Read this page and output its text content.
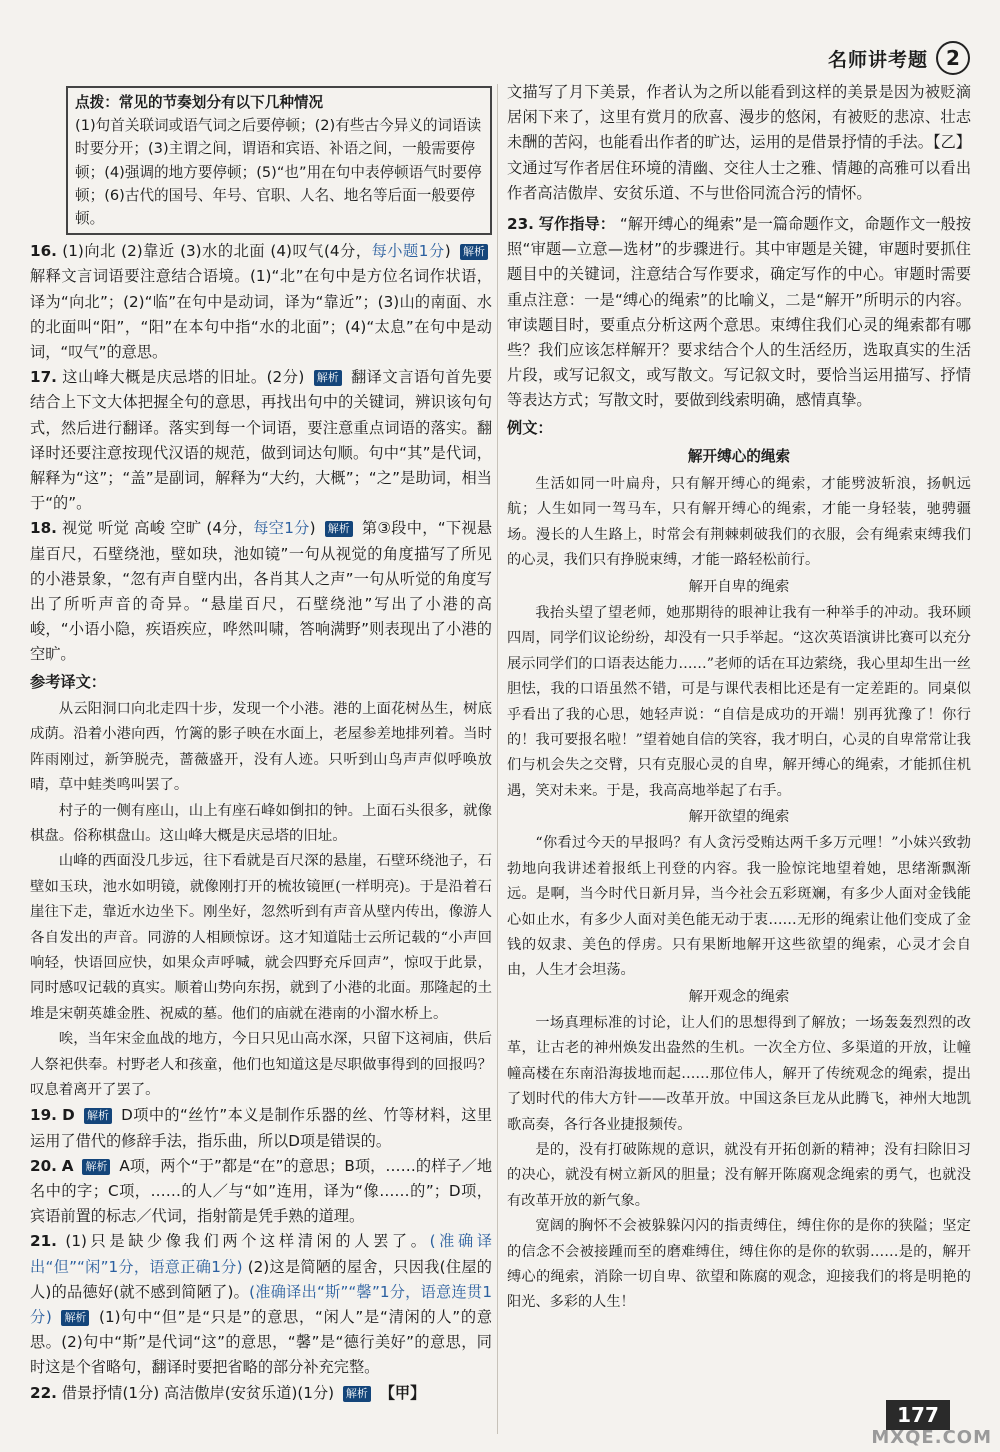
名师讲考题 2
点拨：常见的节奏划分有以下几种情况
(1)句首关联词或语气词之后要停顿；(2)有些古今异义的词语读时要分开；(3)主谓之间，谓语和宾语、补语之间，一般需要停顿；(4)强调的地方要停顿；(5)“也”用在句中表停顿语气时要停顿；(6)古代的国号、年号、官职、人名、地名等后面一般要停顿。

16. (1)向北 (2)靠近 (3)水的北面 (4)叹气(4分，每小题1分) 解析 解释文言词语要注意结合语境。(1)“北”在句中是方位名词作状语，译为“向北”；(2)“临”在句中是动词，译为“靠近”；(3)山的南面、水的北面叫“阳”，“阳”在本句中指“水的北面”；(4)“太息”在句中是动词，“叹气”的意思。

17. 这山峰大概是庆忌塔的旧址。(2分) 解析 翻译文言语句首先要结合上下文大体把握全句的意思，再找出句中的关键词，辨识该句句式，然后进行翻译。落实到每一个词语，要注意重点词语的落实。翻译时还要注意按现代汉语的规范，做到词达句顺。句中“其”是代词，解释为“这”；“盖”是副词，解释为“大约，大概”；“之”是助词，相当于“的”。

18. 视觉 听觉 高峻 空旷 (4分，每空1分) 解析 第③段中，“下视悬崖百尺，石壁绕池，壁如玦，池如镜”一句从视觉的角度描写了所见的小港景象，“忽有声自壁内出，各肖其人之声”一句从听觉的角度写出了所听声音的奇异。“悬崖百尺，石壁绕池”写出了小港的高峻，“小语小隐，疾语疾应，哗然叫啸，答响满野”则表现出了小港的空旷。

参考译文：

从云阳洞口向北走四十步，发现一个小港。港的上面花树丛生，树底成荫。沿着小港向西，竹篱的影子映在水面上，老屋参差地排列着。当时阵雨刚过，新笋脱壳，蔷薇盛开，没有人迹。只听到山鸟声声似呼唤放晴，草中蛙类鸣叫罢了。

村子的一侧有座山，山上有座石峰如倒扣的钟。上面石头很多，就像棋盘。俗称棋盘山。这山峰大概是庆忌塔的旧址。

山峰的西面没几步远，往下看就是百尺深的悬崖，石壁环绕池子，石壁如玉玦，池水如明镜，就像刚打开的梳妆镜匣(一样明亮)。于是沿着石崖往下走，靠近水边坐下。刚坐好，忽然听到有声音从壁内传出，像游人各自发出的声音。同游的人相顾惊讶。这才知道陆士云所记载的“小声回响轻，快语回应快，如果众声呼喊，就会四野充斥回声”，惊叹于此景，同时感叹记载的真实。顺着山势向东拐，就到了小港的北面。那隆起的土堆是宋朝英雄金胜、祝威的墓。他们的庙就在港南的小溜水桥上。

唉，当年宋金血战的地方，今日只见山高水深，只留下这祠庙，供后人祭祀供奉。村野老人和孩童，他们也知道这是尽职做事得到的回报吗？叹息着离开了罢了。

19. D 解析 D项中的“丝竹”本义是制作乐器的丝、竹等材料，这里运用了借代的修辞手法，指乐曲，所以D项是错误的。

20. A 解析 A项，两个“于”都是“在”的意思；B项，……的样子／地名中的字；C项，……的人／与“如”连用，译为“像……的”；D项，宾语前置的标志／代词，指射箭是凭手熟的道理。

21. (1)只是缺少像我们两个这样清闲的人罢了。(准确译出“但”“闲”1分，语意正确1分) (2)这是简陋的屋舍，只因我(住屋的人)的品德好(就不感到简陋了)。(准确译出“斯”“馨”1分，语意连贯1分) 解析 (1)句中“但”是“只是”的意思，“闲人”是“清闲的人”的意思。(2)句中“斯”是代词“这”的意思，“馨”是“德行美好”的意思，同时这是个省略句，翻译时要把省略的部分补充完整。

22. 借景抒情(1分) 高洁傲岸(安贫乐道)(1分) 解析 【甲】

文描写了月下美景，作者认为之所以能看到这样的美景是因为被贬滴居闲下来了，这里有赏月的欣喜、漫步的悠闲，有被贬的悲凉、壮志未酬的苦闷，也能看出作者的旷达，运用的是借景抒情的手法。【乙】文通过写作者居住环境的清幽、交往人士之雅、情趣的高雅可以看出作者高洁傲岸、安贫乐道、不与世俗同流合污的情怀。

23. 写作指导： “解开缚心的绳索”是一篇命题作文，命题作文一般按照“审题—立意—选材”的步骤进行。其中审题是关键，审题时要抓住题目中的关键词，注意结合写作要求，确定写作的中心。审题时需要重点注意：一是“缚心的绳索”的比喻义，二是“解开”所明示的内容。审读题目时，要重点分析这两个意思。束缚住我们心灵的绳索都有哪些？我们应该怎样解开？要求结合个人的生活经历，选取真实的生活片段，或写记叙文，或写散文。写记叙文时，要恰当运用描写、抒情等表达方式；写散文时，要做到线索明确，感情真挚。

例文：
解开缚心的绳索

生活如同一叶扁舟，只有解开缚心的绳索，才能劈波斩浪，扬帆远航；人生如同一驾马车，只有解开缚心的绳索，才能一身轻装，驰骋疆场。漫长的人生路上，时常会有荆棘刺破我们的衣服，会有绳索束缚我们的心灵，我们只有挣脱束缚，才能一路轻松前行。

解开自卑的绳索

我抬头望了望老师，她那期待的眼神让我有一种举手的冲动。我环顾四周，同学们议论纷纷，却没有一只手举起。“这次英语演讲比赛可以充分展示同学们的口语表达能力……”老师的话在耳边萦绕，我心里却生出一丝胆怯，我的口语虽然不错，可是与课代表相比还是有一定差距的。同桌似乎看出了我的心思，她轻声说：“自信是成功的开端！别再犹豫了！你行的！我可要报名啦！”望着她自信的笑容，我才明白，心灵的自卑常常让我们与机会失之交臂，只有克服心灵的自卑，解开缚心的绳索，才能抓住机遇，笑对未来。于是，我高高地举起了右手。

解开欲望的绳索

“你看过今天的早报吗？有人贪污受贿达两千多万元哩！”小妹兴致勃勃地向我讲述着报纸上刊登的内容。我一脸惊诧地望着她，思绪渐飘渐远。是啊，当今时代日新月异，当今社会五彩斑斓，有多少人面对金钱能心如止水，有多少人面对美色能无动于衷……无形的绳索让他们变成了金钱的奴隶、美色的俘虏。只有果断地解开这些欲望的绳索，心灵才会自由，人生才会坦荡。

解开观念的绳索

一场真理标准的讨论，让人们的思想得到了解放；一场轰轰烈烈的改革，让古老的神州焕发出盎然的生机。一次全方位、多渠道的开放，让幢幢高楼在东南沿海拔地而起……那位伟人，解开了传统观念的绳索，提出了划时代的伟大方针——改革开放。中国这条巨龙从此腾飞，神州大地凯歌高奏，各行各业捷报频传。

是的，没有打破陈规的意识，就没有开拓创新的精神；没有扫除旧习的决心，就没有树立新风的胆量；没有解开陈腐观念绳索的勇气，也就没有改革开放的新气象。

宽阔的胸怀不会被躲躲闪闪的指责缚住，缚住你的是你的狭隘；坚定的信念不会被接踵而至的磨难缚住，缚住你的是你的软弱……是的，解开缚心的绳索，消除一切自卑、欲望和陈腐的观念，迎接我们的将是明艳的阳光、多彩的人生！

177
MXQE.COM
